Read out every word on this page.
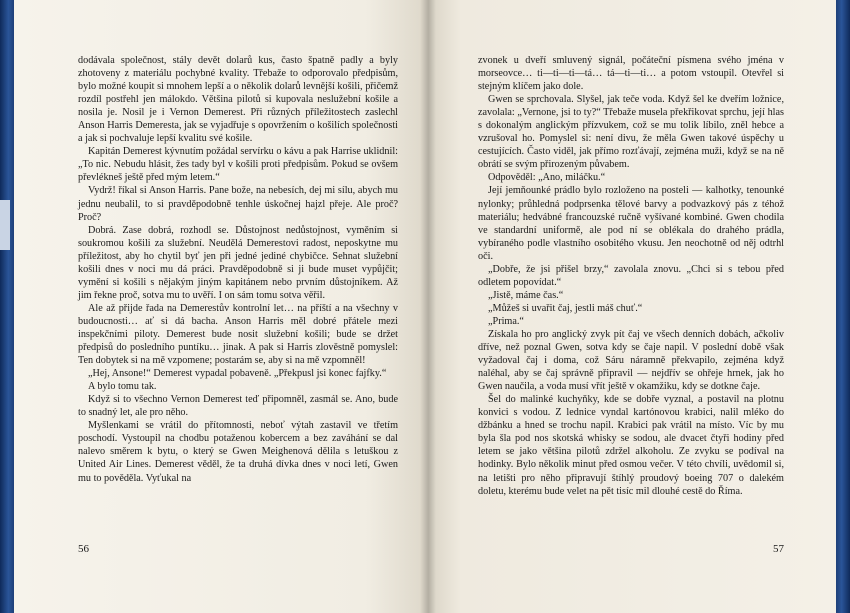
dodávala společnost, stály devět dolarů kus, často špatně padly a byly zhotoveny z materiálu pochybné kvality. Třebaže to odporovalo předpisům, bylo možné koupit si mnohem lepší a o několik dolarů levnější košili, přičemž rozdíl postřehl jen málokdo. Většina pilotů si kupovala neslužební košile a nosila je. Nosil je i Vernon Demerest. Při různých příležitostech zaslechl Anson Harris Demeresta, jak se vyjadřuje s opovržením o košilích společnosti a jak si pochvaluje lepší kvalitu své košile.

Kapitán Demerest kývnutím požádal servírku o kávu a pak Harrise uklidnil: „To nic. Nebudu hlásit, žes tady byl v košili proti předpisům. Pokud se ovšem převlékneš ještě před mým letem.“

Vydrž! říkal si Anson Harris. Pane bože, na nebesích, dej mi sílu, abych mu jednu neubalil, to si pravděpodobně tenhle úskočnej hajzl přeje. Ale proč? Proč?

Dobrá. Zase dobrá, rozhodl se. Důstojnost nedůstojnost, vyměním si soukromou košili za služební. Neudělá Demerestovi radost, neposkytne mu příležitost, aby ho chytil byť jen při jedné jediné chybičce. Sehnat služební košili dnes v noci mu dá práci. Pravděpodobně si ji bude muset vypůjčit; vymění si košili s nějakým jiným kapitánem nebo prvním důstojníkem. Až jim řekne proč, sotva mu to uvěří. I on sám tomu sotva věřil.

Ale až přijde řada na Demerestův kontrolní let… na příští a na všechny v budoucnosti… ať si dá bacha. Anson Harris měl dobré přátele mezi inspekčními piloty. Demerest bude nosit služební košili; bude se držet předpisů do posledního puntíku… jinak. A pak si Harris zlověstně pomyslel: Ten dobytek si na mě vzpomene; postarám se, aby si na mě vzpomněl!

„Hej, Ansone!“ Demerest vypadal pobaveně. „Překpusl jsi konec fajfky.“

A bylo tomu tak.

Když si to všechno Vernon Demerest teď připomněl, zasmál se. Ano, bude to snadný let, ale pro něho.

Myšlenkami se vrátil do přítomnosti, neboť výtah zastavil ve třetím poschodí. Vystoupil na chodbu potaženou kobercem a bez zaváhání se dal nalevo směrem k bytu, o který se Gwen Meighenová dělila s letuškou z United Air Lines. Demerest věděl, že ta druhá dívka dnes v noci letí, Gwen mu to pověděla. Vyťukal na

56

zvonek u dveří smluvený signál, počáteční písmena svého jména v morseovce… ti—ti—ti—tá… tá—ti—ti… a potom vstoupil. Otevřel si stejným klíčem jako dole.

Gwen se sprchovala. Slyšel, jak teče voda. Když šel ke dveřím ložnice, zavolala: „Vernone, jsi to ty?“ Třebaže musela překřikovat sprchu, její hlas s dokonalým anglickým přízvukem, což se mu tolik líbilo, zněl hebce a vzrušoval ho. Pomyslel si: není divu, že měla Gwen takové úspěchy u cestujících. Často viděl, jak přímo rozťávají, zejména muži, když se na ně obrátí se svým přirozeným půvabem.

Odpověděl: „Ano, miláčku.“

Její jemňounké prádlo bylo rozloženo na posteli — kalhotky, tenounké nylonky; průhledná podprsenka tělové barvy a podvazkový pás z téhož materiálu; hedvábné francouzské ručně vyšívané kombiné. Gwen chodila ve standardní uniformě, ale pod ní se oblékala do drahého prádla, vybíraného podle vlastního osobitého vkusu. Jen neochotně od něj odtrhl oči.

„Dobře, že jsi přišel brzy,“ zavolala znovu. „Chci si s tebou před odletem popovídat.“

„Jistě, máme čas.“

„Můžeš si uvařit čaj, jestli máš chuť.“

„Prima.“

Získala ho pro anglický zvyk pít čaj ve všech denních dobách, ačkoliv dříve, než poznal Gwen, sotva kdy se čaje napil. V poslední době však vyžadoval čaj i doma, což Sáru náramně překvapilo, zejména když naléhal, aby se čaj správně připravil — nejdřív se ohřeje hrnek, jak ho Gwen naučila, a voda musí vřít ještě v okamžiku, kdy se dotkne čaje.

Šel do malinké kuchyňky, kde se dobře vyznal, a postavil na plotnu konvici s vodou. Z lednice vyndal kartónovou krabici, nalil mléko do džbánku a hned se trochu napil. Krabici pak vrátil na místo. Víc by mu byla šla pod nos skotská whisky se sodou, ale dvacet čtyři hodiny před letem se jako většina pilotů zdržel alkoholu. Ze zvyku se podíval na hodinky. Bylo několik minut před osmou večer. V této chvíli, uvědomil si, na letišti pro něho připravují štíhlý proudový boeing 707 o dalekém doletu, kterému bude velet na pět tisíc mil dlouhé cestě do Říma.

57
